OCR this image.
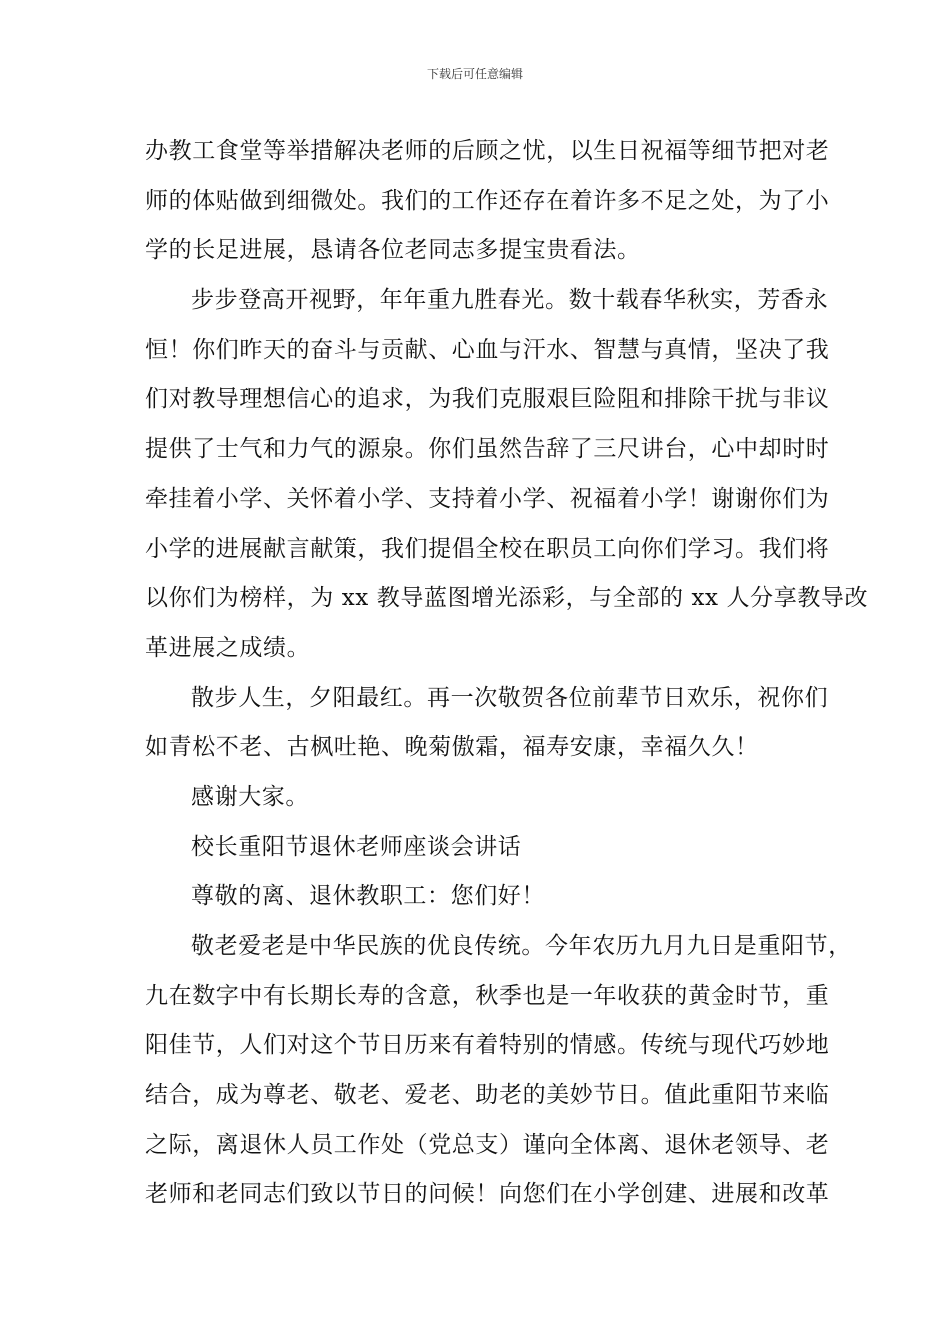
下载后可任意编辑
办教工食堂等举措解决老师的后顾之忧，以生日祝福等细节把对老
师的体贴做到细微处。我们的工作还存在着许多不足之处，为了小
学的长足进展，恳请各位老同志多提宝贵看法。
步步登高开视野，年年重九胜春光。数十载春华秋实，芳香永
恒！你们昨天的奋斗与贡献、心血与汗水、智慧与真情，坚决了我
们对教导理想信心的追求，为我们克服艰巨险阻和排除干扰与非议
提供了士气和力气的源泉。你们虽然告辞了三尺讲台，心中却时时
牵挂着小学、关怀着小学、支持着小学、祝福着小学！谢谢你们为
小学的进展献言献策，我们提倡全校在职员工向你们学习。我们将
以你们为榜样，为 xx 教导蓝图增光添彩，与全部的 xx 人分享教导改
革进展之成绩。
散步人生，夕阳最红。再一次敬贺各位前辈节日欢乐，祝你们
如青松不老、古枫吐艳、晚菊傲霜，福寿安康，幸福久久！
感谢大家。
校长重阳节退休老师座谈会讲话
尊敬的离、退休教职工：您们好！
敬老爱老是中华民族的优良传统。今年农历九月九日是重阳节，
九在数字中有长期长寿的含意，秋季也是一年收获的黄金时节，重
阳佳节，人们对这个节日历来有着特别的情感。传统与现代巧妙地
结合，成为尊老、敬老、爱老、助老的美妙节日。值此重阳节来临
之际，离退休人员工作处（党总支）谨向全体离、退休老领导、老
老师和老同志们致以节日的问候！向您们在小学创建、进展和改革
